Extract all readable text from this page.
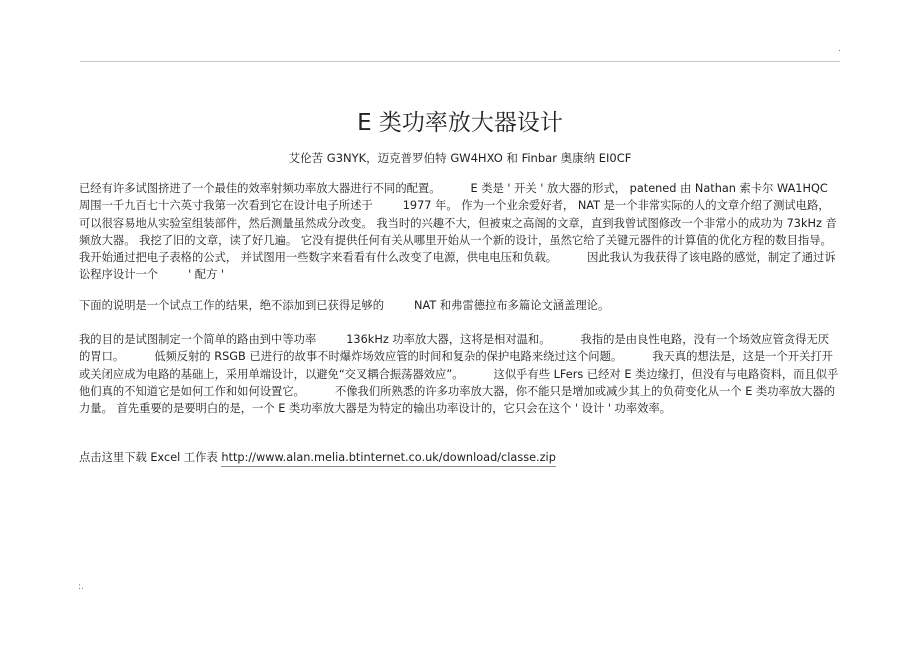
.
E 类功率放大器设计
艾伦苦 G3NYK，迈克普罗伯特 GW4HXO 和 Finbar 奥康纳 EI0CF

已经有许多试图挤进了一个最佳的效率射频功率放大器进行不同的配置。	E 类是 ' 开关 ' 放大器的形式， patened 由 Nathan 索卡尔 WA1HQC 周围一千九百七十六英寸我第一次看到它在设计电子所述于	1977 年。 作为一个业余爱好者， NAT 是一个非常实际的人的文章介绍了测试电路，可以很容易地从实验室组装部件，然后测量虽然成分改变。 我当时的兴趣不大，但被束之高阁的文章，直到我曾试图修改一个非常小的成功为 73kHz 音频放大器。 我挖了旧的文章，读了好几遍。 它没有提供任何有关从哪里开始从一个新的设计，虽然它给了关键元器件的计算值的优化方程的数目指导。 我开始通过把电子表格的公式， 并试图用一些数字来看看有什么改变了电源，供电电压和负载。	因此我认为我获得了该电路的感觉，制定了通过诉讼程序设计一个	' 配方 '

下面的说明是一个试点工作的结果，绝不添加到已获得足够的	NAT 和弗雷德拉布多篇论文涵盖理论。

我的目的是试图制定一个简单的路由到中等功率	136kHz 功率放大器，这将是相对温和。	我指的是由良性电路，没有一个场效应管贪得无厌的胃口。	低频反射的 RSGB 已进行的故事不时爆炸场效应管的时间和复杂的保护电路来绕过这个问题。	我天真的想法是，这是一个开关打开或关闭应成为电路的基础上，采用单端设计，以避免“交叉耦合振荡器效应”。	这似乎有些 LFers 已经对 E 类边缘打，但没有与电路资料，而且似乎他们真的不知道它是如何工作和如何设置它。	不像我们所熟悉的许多功率放大器，你不能只是增加或减少其上的负荷变化从一个 E 类功率放大器的力量。 首先重要的是要明白的是，一个 E 类功率放大器是为特定的输出功率设计的，它只会在这个 ' 设计 ' 功率效率。

点击这里下载 Excel 工作表 http://www.alan.melia.btinternet.co.uk/download/classe.zip

:.
